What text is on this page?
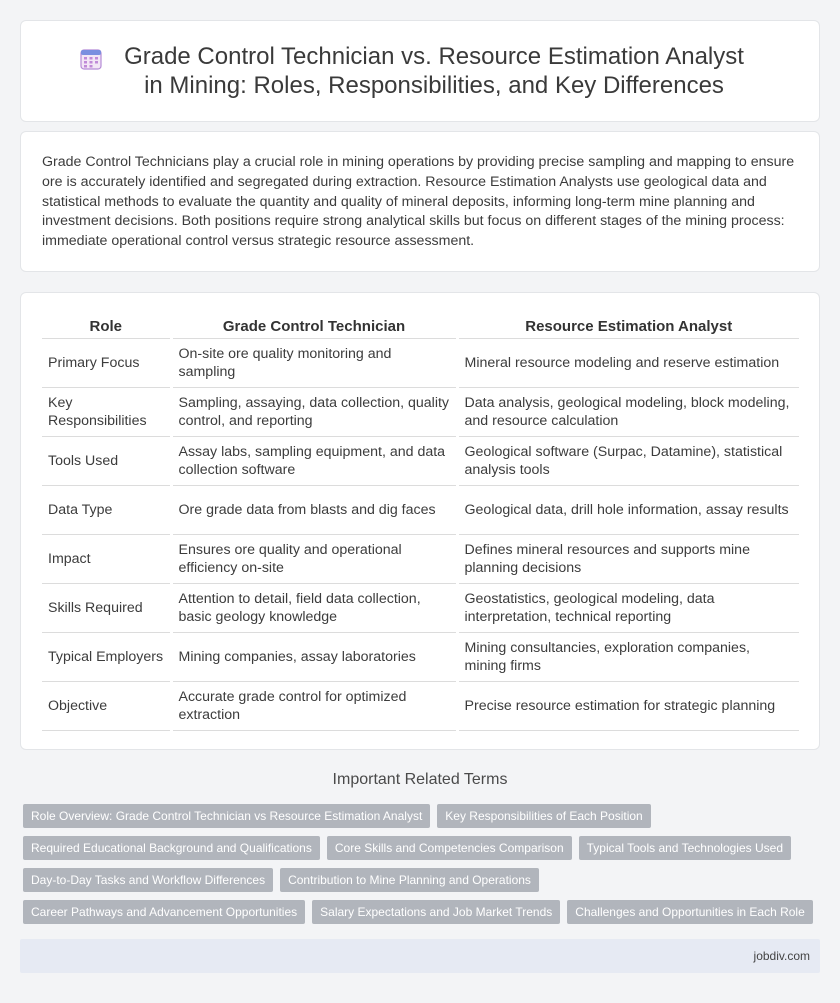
Grade Control Technician vs. Resource Estimation Analyst in Mining: Roles, Responsibilities, and Key Differences

Grade Control Technicians play a crucial role in mining operations by providing precise sampling and mapping to ensure ore is accurately identified and segregated during extraction. Resource Estimation Analysts use geological data and statistical methods to evaluate the quantity and quality of mineral deposits, informing long-term mine planning and investment decisions. Both positions require strong analytical skills but focus on different stages of the mining process: immediate operational control versus strategic resource assessment.

Role	Grade Control Technician	Resource Estimation Analyst
Primary Focus	On-site ore quality monitoring and sampling	Mineral resource modeling and reserve estimation
Key Responsibilities	Sampling, assaying, data collection, quality control, and reporting	Data analysis, geological modeling, block modeling, and resource calculation
Tools Used	Assay labs, sampling equipment, and data collection software	Geological software (Surpac, Datamine), statistical analysis tools
Data Type	Ore grade data from blasts and dig faces	Geological data, drill hole information, assay results
Impact	Ensures ore quality and operational efficiency on-site	Defines mineral resources and supports mine planning decisions
Skills Required	Attention to detail, field data collection, basic geology knowledge	Geostatistics, geological modeling, data interpretation, technical reporting
Typical Employers	Mining companies, assay laboratories	Mining consultancies, exploration companies, mining firms
Objective	Accurate grade control for optimized extraction	Precise resource estimation for strategic planning
Important Related Terms
Role Overview: Grade Control Technician vs Resource Estimation Analyst	Key Responsibilities of Each Position
Required Educational Background and Qualifications	Core Skills and Competencies Comparison	Typical Tools and Technologies Used
Day-to-Day Tasks and Workflow Differences	Contribution to Mine Planning and Operations
Career Pathways and Advancement Opportunities	Salary Expectations and Job Market Trends	Challenges and Opportunities in Each Role
jobdiv.com
